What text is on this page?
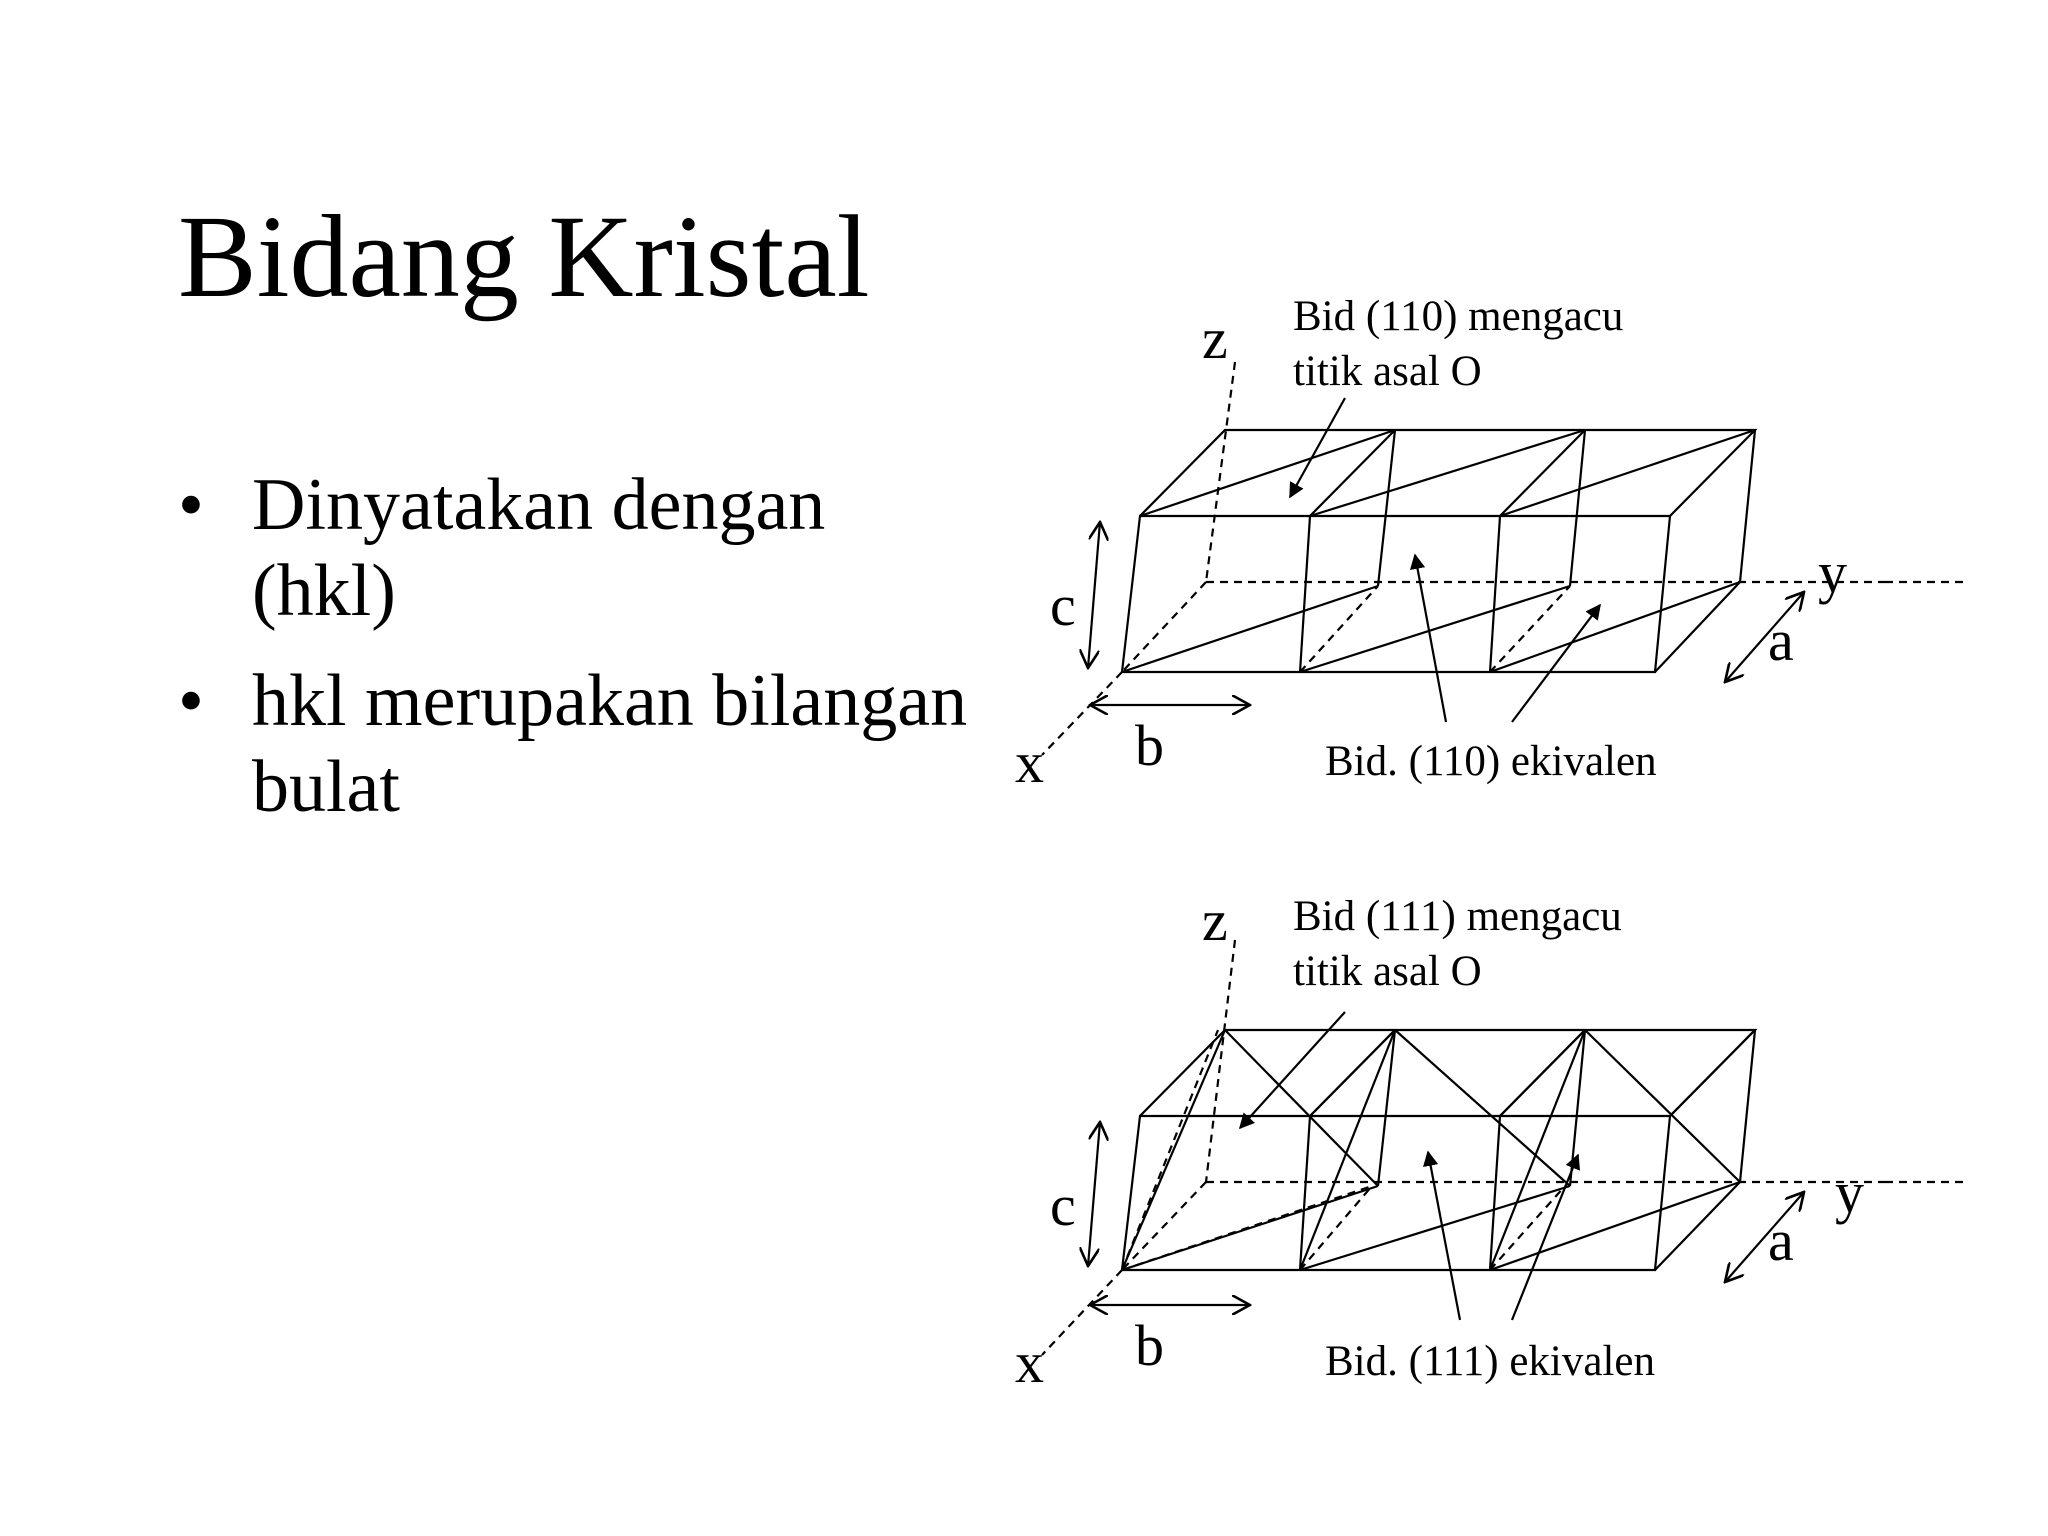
Bidang Kristal
• Dinyatakan dengan (hkl)
• hkl merupakan bilangan bulat
Bid (110) mengacu
titik asal O
Bid. (110) ekivalen
z
y
x
c
b
a
Bid (111) mengacu
titik asal O
Bid. (111) ekivalen
z
y
x
c
b
a
